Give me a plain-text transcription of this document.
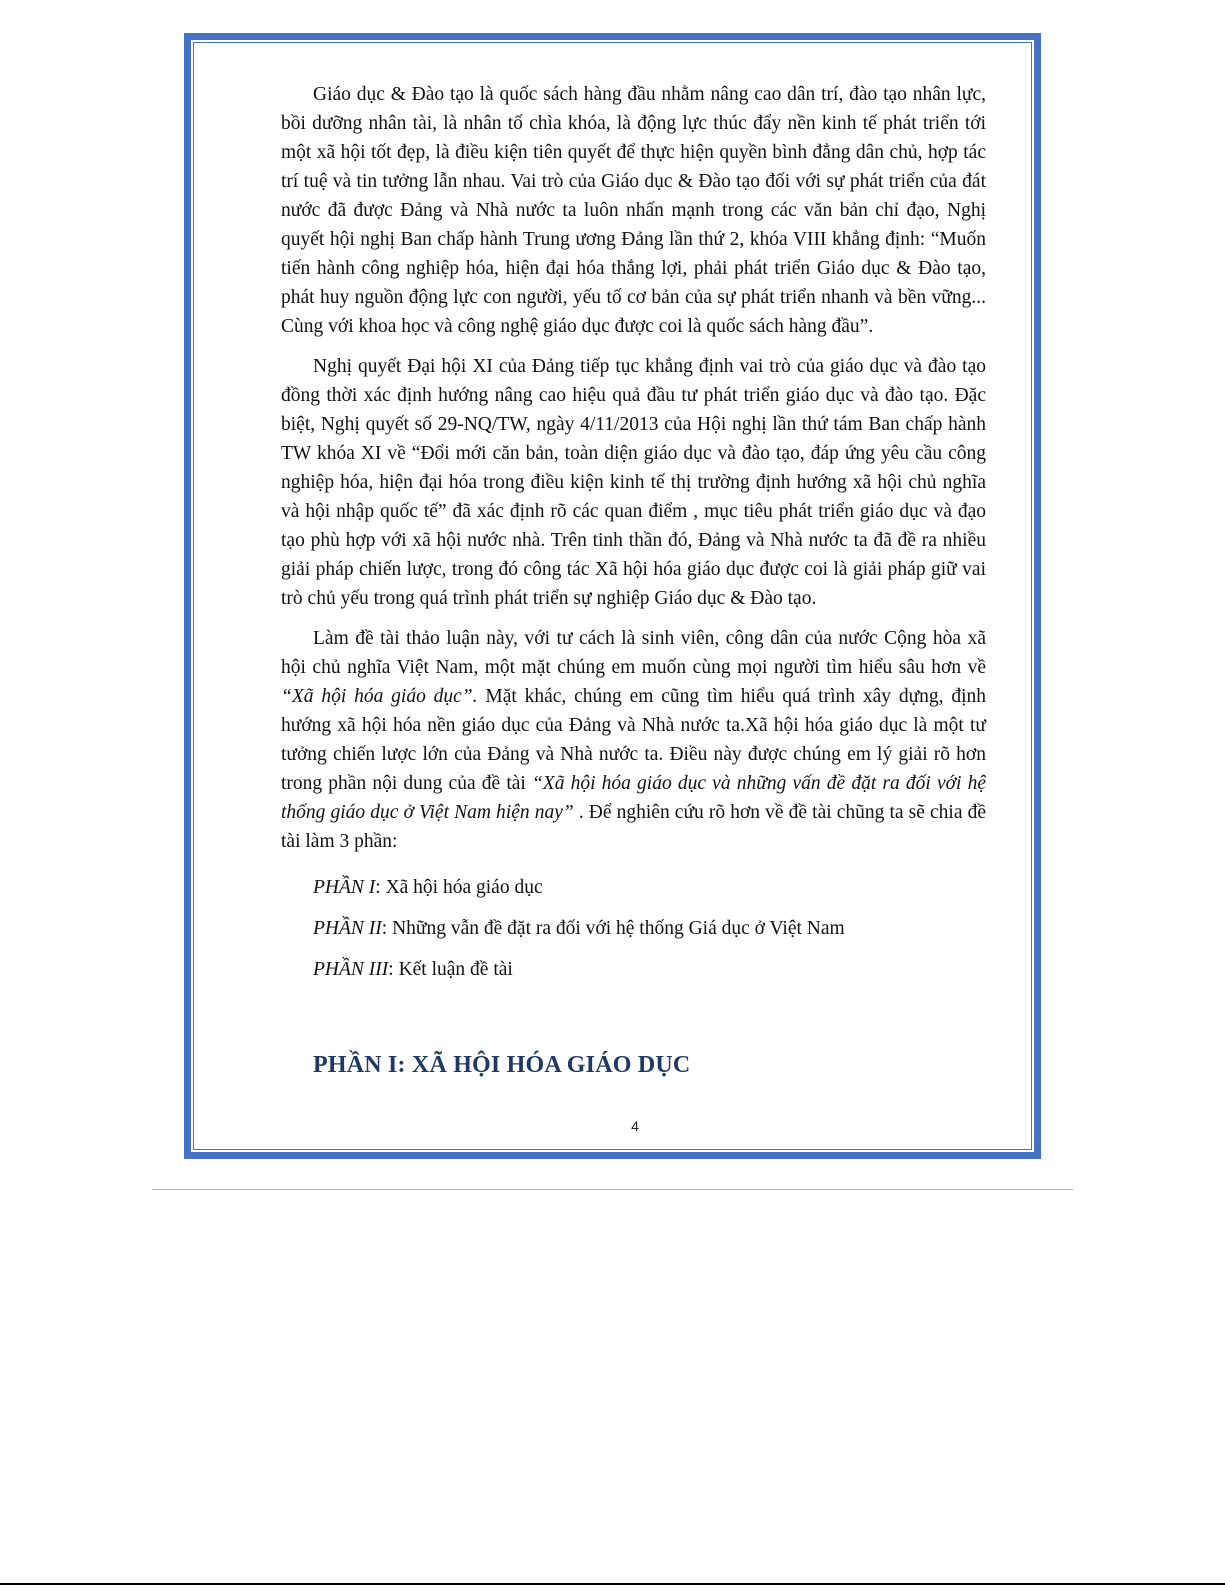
Giáo dục & Đào tạo là quốc sách hàng đầu nhằm nâng cao dân trí, đào tạo nhân lực, bồi dưỡng nhân tài, là nhân tố chìa khóa, là động lực thúc đẩy nền kinh tế phát triển tới một xã hội tốt đẹp, là điều kiện tiên quyết để thực hiện quyền bình đẳng dân chủ, hợp tác trí tuệ và tin tưởng lẫn nhau. Vai trò của Giáo dục & Đào tạo đối với sự phát triển của đát nước đã được Đảng và Nhà nước ta luôn nhấn mạnh trong các văn bản chỉ đạo, Nghị quyết hội nghị Ban chấp hành Trung ương Đảng lần thứ 2, khóa VIII khẳng định: “Muốn tiến hành công nghiệp hóa, hiện đại hóa thắng lợi, phải phát triển Giáo dục & Đào tạo, phát huy nguồn động lực con người, yếu tố cơ bản của sự phát triển nhanh và bền vững... Cùng với khoa học và công nghệ giáo dục được coi là quốc sách hàng đầu”.

Nghị quyết Đại hội XI của Đảng tiếp tục khẳng định vai trò của giáo dục và đào tạo đồng thời xác định hướng nâng cao hiệu quả đầu tư phát triển giáo dục và đào tạo. Đặc biệt, Nghị quyết số 29-NQ/TW, ngày 4/11/2013 của Hội nghị lần thứ tám Ban chấp hành TW khóa XI về “Đổi mới căn bản, toàn diện giáo dục và đào tạo, đáp ứng yêu cầu công nghiệp hóa, hiện đại hóa trong điều kiện kinh tế thị trường định hướng xã hội chủ nghĩa và hội nhập quốc tế” đã xác định rõ các quan điểm , mục tiêu phát triển giáo dục và đạo tạo phù hợp với xã hội nước nhà. Trên tinh thần đó, Đảng và Nhà nước ta đã đề ra nhiều giải pháp chiến lược, trong đó công tác Xã hội hóa giáo dục được coi là giải pháp giữ vai trò chủ yếu trong quá trình phát triển sự nghiệp Giáo dục & Đào tạo.

Làm đề tài thảo luận này, với tư cách là sinh viên, công dân của nước Cộng hòa xã hội chủ nghĩa Việt Nam, một mặt chúng em muốn cùng mọi người tìm hiểu sâu hơn về “Xã hội hóa giáo dục”. Mặt khác, chúng em cũng tìm hiểu quá trình xây dựng, định hướng xã hội hóa nền giáo dục của Đảng và Nhà nước ta.Xã hội hóa giáo dục là một tư tưởng chiến lược lớn của Đảng và Nhà nước ta. Điều này được chúng em lý giải rõ hơn trong phần nội dung của đề tài “Xã hội hóa giáo dục và những vấn đề đặt ra đối với hệ thống giáo dục ở Việt Nam hiện nay” . Để nghiên cứu rõ hơn về đề tài chũng ta sẽ chia đề tài làm 3 phần:

PHẦN I: Xã hội hóa giáo dục

PHẦN II: Những vẫn đề đặt ra đối với hệ thống Giá dục ở Việt Nam

PHẦN III: Kết luận đề tài

PHẦN I: XÃ HỘI HÓA GIÁO DỤC
4
